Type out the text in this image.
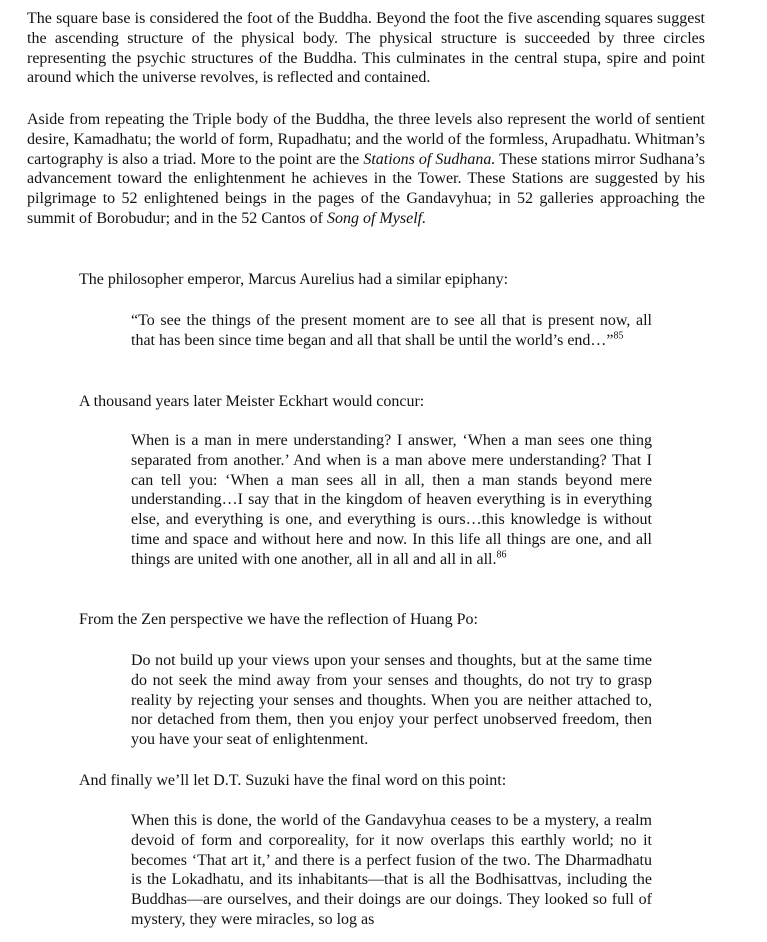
The square base is considered the foot of the Buddha. Beyond the foot the five ascending squares suggest the ascending structure of the physical body. The physical structure is succeeded by three circles representing the psychic structures of the Buddha. This culminates in the central stupa, spire and point around which the universe revolves, is reflected and contained.

Aside from repeating the Triple body of the Buddha, the three levels also represent the world of sentient desire, Kamadhatu; the world of form, Rupadhatu; and the world of the formless, Arupadhatu. Whitman’s cartography is also a triad. More to the point are the Stations of Sudhana. These stations mirror Sudhana’s advancement toward the enlightenment he achieves in the Tower. These Stations are suggested by his pilgrimage to 52 enlightened beings in the pages of the Gandavyhua; in 52 galleries approaching the summit of Borobudur; and in the 52 Cantos of Song of Myself.

The philosopher emperor, Marcus Aurelius had a similar epiphany:

“To see the things of the present moment are to see all that is present now, all that has been since time began and all that shall be until the world’s end…”$^{85}$

A thousand years later Meister Eckhart would concur:

When is a man in mere understanding? I answer, ‘When a man sees one thing separated from another.’ And when is a man above mere understanding? That I can tell you: ‘When a man sees all in all, then a man stands beyond mere understanding…I say that in the kingdom of heaven everything is in everything else, and everything is one, and everything is ours…this knowledge is without time and space and without here and now. In this life all things are one, and all things are united with one another, all in all and all in all.$^{86}$

From the Zen perspective we have the reflection of Huang Po:

Do not build up your views upon your senses and thoughts, but at the same time do not seek the mind away from your senses and thoughts, do not try to grasp reality by rejecting your senses and thoughts. When you are neither attached to, nor detached from them, then you enjoy your perfect unobserved freedom, then you have your seat of enlightenment.

And finally we’ll let D.T. Suzuki have the final word on this point:

When this is done, the world of the Gandavyhua ceases to be a mystery, a realm devoid of form and corporeality, for it now overlaps this earthly world; no it becomes ‘That art it,’ and there is a perfect fusion of the two. The Dharmadhatu is the Lokadhatu, and its inhabitants—that is all the Bodhisattvas, including the Buddhas—are ourselves, and their doings are our doings. They looked so full of mystery, they were miracles, so log as
